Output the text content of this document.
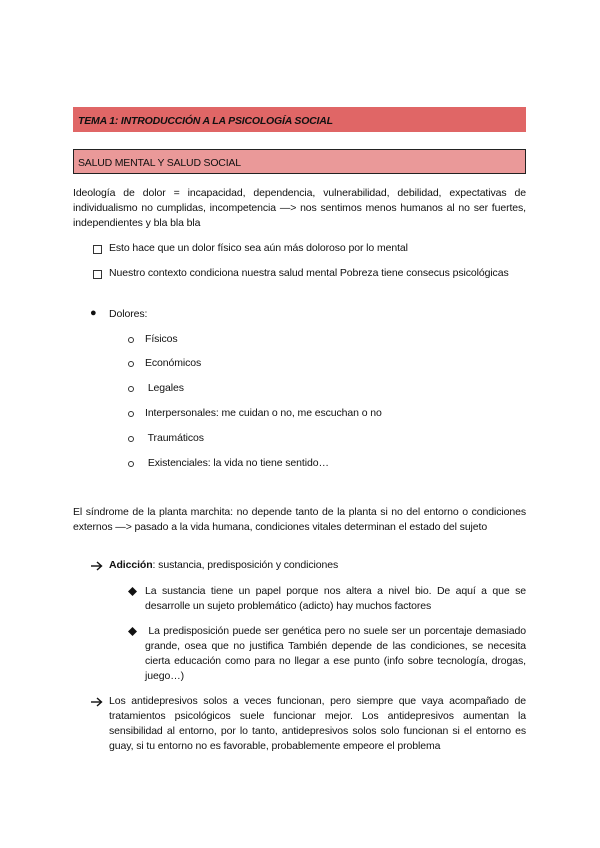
TEMA 1: INTRODUCCIÓN A LA PSICOLOGÍA SOCIAL
SALUD MENTAL Y SALUD SOCIAL
Ideología de dolor = incapacidad, dependencia, vulnerabilidad, debilidad, expectativas de individualismo no cumplidas, incompetencia —> nos sentimos menos humanos al no ser fuertes, independientes y bla bla bla
Esto hace que un dolor físico sea aún más doloroso por lo mental
Nuestro contexto condiciona nuestra salud mental Pobreza tiene consecus psicológicas
● Dolores:
Físicos
Económicos
Legales
Interpersonales: me cuidan o no, me escuchan o no
Traumáticos
Existenciales: la vida no tiene sentido…
El síndrome de la planta marchita: no depende tanto de la planta si no del entorno o condiciones externos —> pasado a la vida humana, condiciones vitales determinan el estado del sujeto
Adicción: sustancia, predisposición y condiciones
La sustancia tiene un papel porque nos altera a nivel bio. De aquí a que se desarrolle un sujeto problemático (adicto) hay muchos factores
La predisposición puede ser genética pero no suele ser un porcentaje demasiado grande, osea que no justifica También depende de las condiciones, se necesita cierta educación como para no llegar a ese punto (info sobre tecnología, drogas, juego…)
Los antidepresivos solos a veces funcionan, pero siempre que vaya acompañado de tratamientos psicológicos suele funcionar mejor. Los antidepresivos aumentan la sensibilidad al entorno, por lo tanto, antidepresivos solos solo funcionan si el entorno es guay, si tu entorno no es favorable, probablemente empeore el problema
